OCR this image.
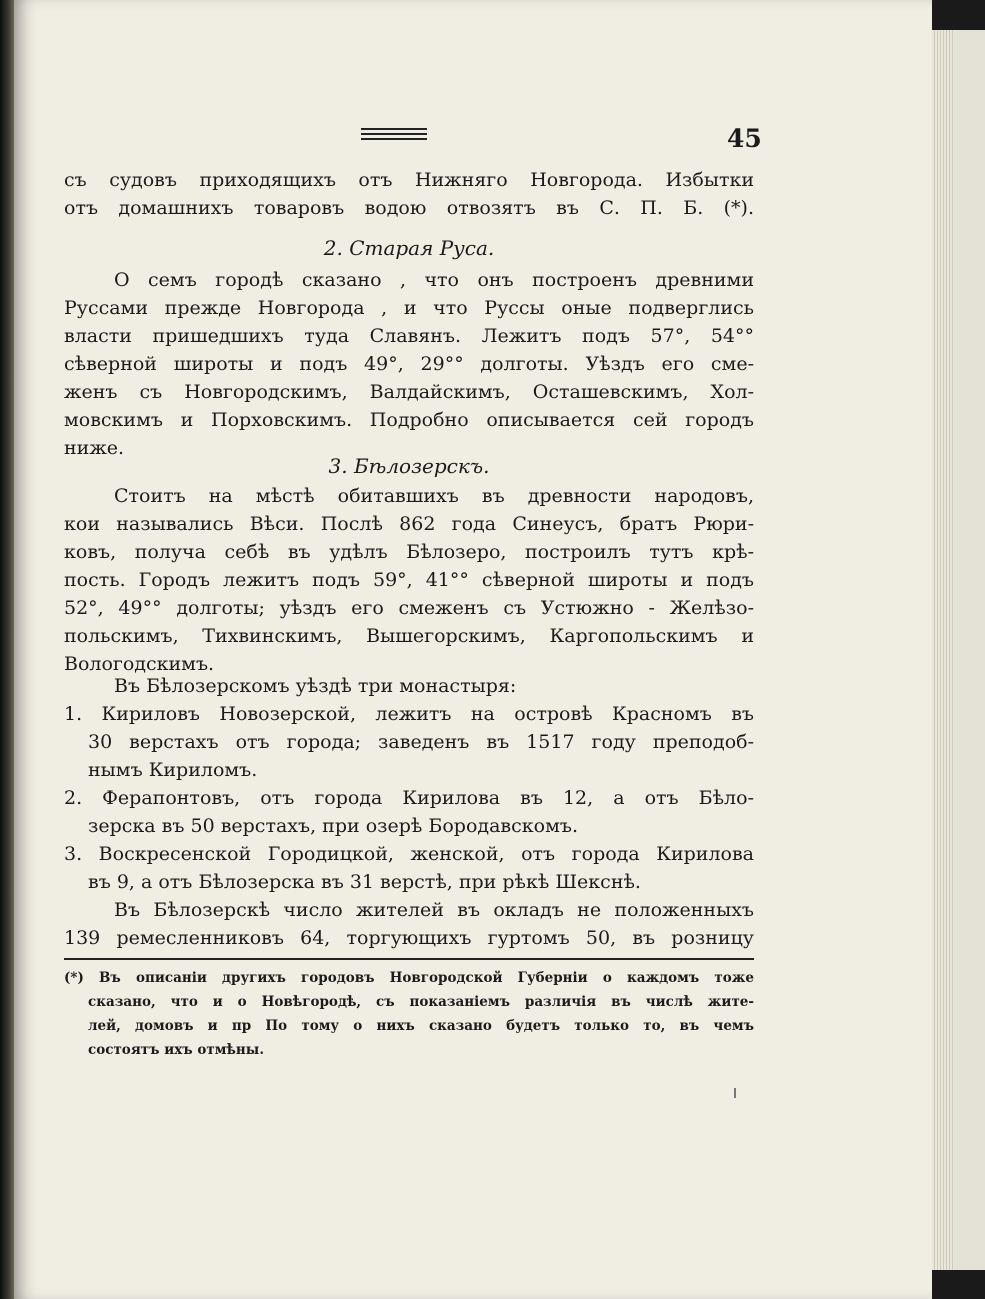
45
съ судовъ приходящихъ отъ Нижняго Новгорода. Избытки
отъ домашнихъ товаровъ водою отвозятъ въ С. П. Б. (*).
2. Старая Руса.
О семъ городѣ сказано , что онъ построенъ древними
Руссами прежде Новгорода , и что Руссы оные подверглись
власти пришедшихъ туда Славянъ. Лежитъ подъ 57°, 54°°
сѣверной широты и подъ 49°, 29°° долготы. Уѣздъ его сме-
женъ съ Новгородскимъ, Валдайскимъ, Осташевскимъ, Хол-
мовскимъ и Порховскимъ. Подробно описывается сей городъ
ниже.
3. Бѣлозерскъ.
Стоитъ на мѣстѣ обитавшихъ въ древности народовъ,
кои назывались Вѣси. Послѣ 862 года Синеусъ, братъ Рюри-
ковъ, получа себѣ въ удѣлъ Бѣлозеро, построилъ тутъ крѣ-
пость. Городъ лежитъ подъ 59°, 41°° сѣверной широты и подъ
52°, 49°° долготы; уѣздъ его смеженъ съ Устюжно - Желѣзо-
польскимъ, Тихвинскимъ, Вышегорскимъ, Каргопольскимъ и
Вологодскимъ.
Въ Бѣлозерскомъ уѣздѣ три монастыря:
1. Кириловъ Новозерской, лежитъ на островѣ Красномъ въ
30 верстахъ отъ города; заведенъ въ 1517 году преподоб-
нымъ Кириломъ.
2. Ферапонтовъ, отъ города Кирилова въ 12, а отъ Бѣло-
зерска въ 50 верстахъ, при озерѣ Бородавскомъ.
3. Воскресенской Городицкой, женской, отъ города Кирилова
въ 9, а отъ Бѣлозерска въ 31 верстѣ, при рѣкѣ Шекснѣ.
Въ Бѣлозерскѣ число жителей въ окладъ не положенныхъ
139 ремесленниковъ 64, торгующихъ гуртомъ 50, въ розницу
(*) Въ описаніи другихъ городовъ Новгородской Губерніи о каждомъ тоже
сказано, что и о Новѣгородѣ, съ показаніемъ различія въ числѣ жите-
лей, домовъ и пр По тому о нихъ сказано будетъ только то, въ чемъ
состоятъ ихъ отмѣны.
